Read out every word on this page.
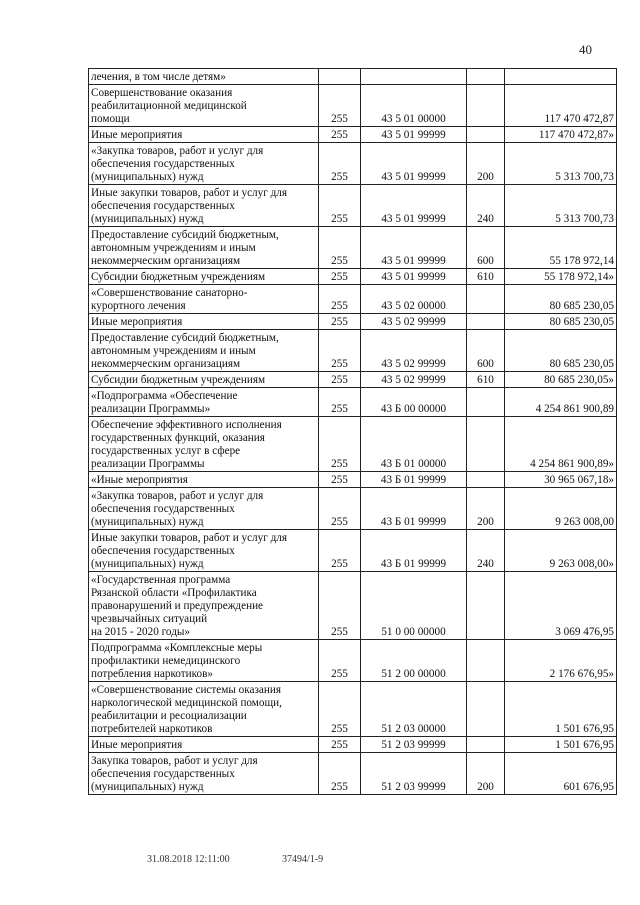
40
лечения, в том числе детям»				
Совершенствование оказания
реабилитационной медицинской
помощи	255	43 5 01 00000		117 470 472,87
Иные мероприятия	255	43 5 01 99999		117 470 472,87»
«Закупка товаров, работ и услуг для
обеспечения государственных
(муниципальных) нужд	255	43 5 01 99999	200	5 313 700,73
Иные закупки товаров, работ и услуг для
обеспечения государственных
(муниципальных) нужд	255	43 5 01 99999	240	5 313 700,73
Предоставление субсидий бюджетным,
автономным учреждениям и иным
некоммерческим организациям	255	43 5 01 99999	600	55 178 972,14
Субсидии бюджетным учреждениям	255	43 5 01 99999	610	55 178 972,14»
«Совершенствование санаторно-
курортного лечения	255	43 5 02 00000		80 685 230,05
Иные мероприятия	255	43 5 02 99999		80 685 230,05
Предоставление субсидий бюджетным,
автономным учреждениям и иным
некоммерческим организациям	255	43 5 02 99999	600	80 685 230,05
Субсидии бюджетным учреждениям	255	43 5 02 99999	610	80 685 230,05»
«Подпрограмма «Обеспечение
реализации Программы»	255	43 Б 00 00000		4 254 861 900,89
Обеспечение эффективного исполнения
государственных функций, оказания
государственных услуг в сфере
реализации Программы	255	43 Б 01 00000		4 254 861 900,89»
«Иные мероприятия	255	43 Б 01 99999		30 965 067,18»
«Закупка товаров, работ и услуг для
обеспечения государственных
(муниципальных) нужд	255	43 Б 01 99999	200	9 263 008,00
Иные закупки товаров, работ и услуг для
обеспечения государственных
(муниципальных) нужд	255	43 Б 01 99999	240	9 263 008,00»
«Государственная программа
Рязанской области «Профилактика
правонарушений и предупреждение
чрезвычайных ситуаций
на 2015 - 2020 годы»	255	51 0 00 00000		3 069 476,95
Подпрограмма «Комплексные меры
профилактики немедицинского
потребления наркотиков»	255	51 2 00 00000		2 176 676,95»
«Совершенствование системы оказания
наркологической медицинской помощи,
реабилитации и ресоциализации
потребителей наркотиков	255	51 2 03 00000		1 501 676,95
Иные мероприятия	255	51 2 03 99999		1 501 676,95
Закупка товаров, работ и услуг для
обеспечения государственных
(муниципальных) нужд	255	51 2 03 99999	200	601 676,95
31.08.2018 12:11:00	37494/1-9
